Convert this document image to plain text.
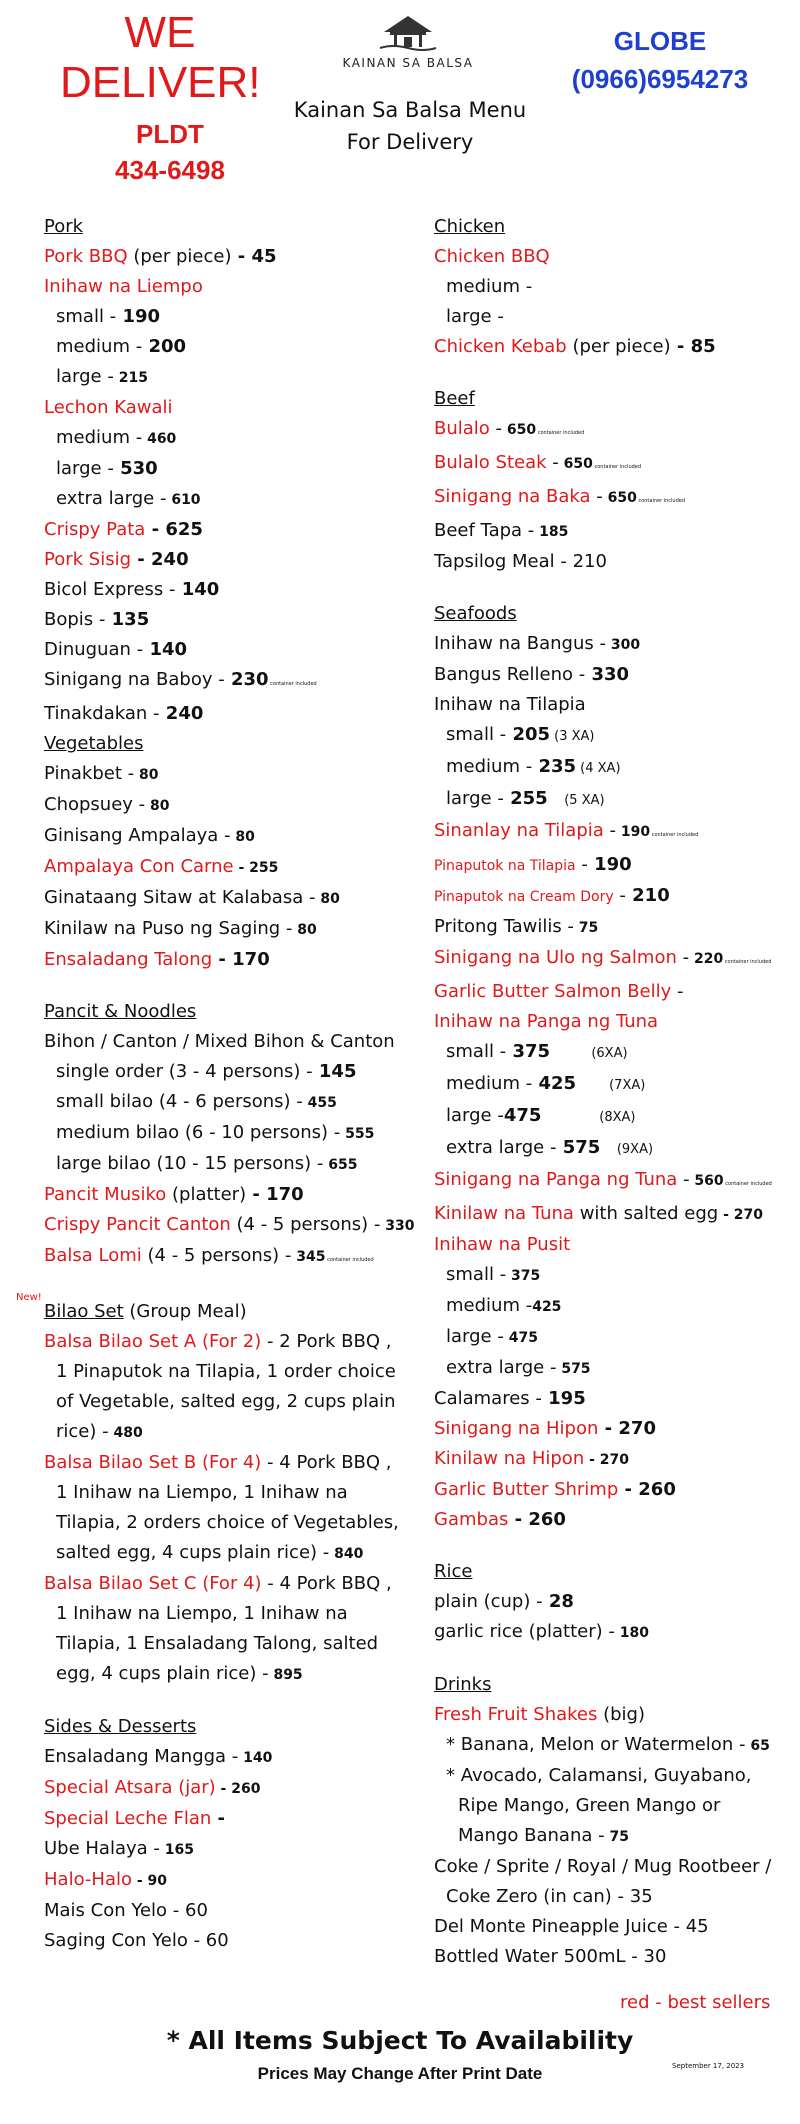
WE
DELIVER!
PLDT
434-6498
KAINAN SA BALSA
Kainan Sa Balsa Menu
For Delivery
GLOBE
(0966)6954273
Pork
Pork BBQ (per piece) - 45
Inihaw na Liempo
small - 190
medium - 200
large - 215
Lechon Kawali
medium - 460
large - 530
extra large - 610
Crispy Pata - 625
Pork Sisig - 240
Bicol Express - 140
Bopis - 135
Dinuguan - 140
Sinigang na Baboy - 230 container included
Tinakdakan - 240
Vegetables
Pinakbet - 80
Chopsuey - 80
Ginisang Ampalaya - 80
Ampalaya Con Carne - 255
Ginataang Sitaw at Kalabasa - 80
Kinilaw na Puso ng Saging - 80
Ensaladang Talong - 170
Pancit & Noodles
Bihon / Canton / Mixed Bihon & Canton
single order (3 - 4 persons) - 145
small bilao (4 - 6 persons) - 455
medium bilao (6 - 10 persons) - 555
large bilao (10 - 15 persons) - 655
Pancit Musiko (platter) - 170
Crispy Pancit Canton (4 - 5 persons) - 330
Balsa Lomi (4 - 5 persons) - 345 container included
Bilao Set (Group Meal)
Balsa Bilao Set A (For 2) - 2 Pork BBQ ,
1 Pinaputok na Tilapia, 1 order choice
of Vegetable, salted egg, 2 cups plain
rice) - 480
Balsa Bilao Set B (For 4) - 4 Pork BBQ ,
1 Inihaw na Liempo, 1 Inihaw na
Tilapia, 2 orders choice of Vegetables,
salted egg, 4 cups plain rice) - 840
Balsa Bilao Set C (For 4) - 4 Pork BBQ ,
1 Inihaw na Liempo, 1 Inihaw na
Tilapia, 1 Ensaladang Talong, salted
egg, 4 cups plain rice) - 895
Sides & Desserts
Ensaladang Mangga - 140
Special Atsara (jar) - 260
Special Leche Flan -
Ube Halaya - 165
Halo-Halo - 90
Mais Con Yelo - 60
Saging Con Yelo - 60
Chicken
Chicken BBQ
medium -
large -
Chicken Kebab (per piece) - 85
Beef
Bulalo - 650 container included
Bulalo Steak - 650 container included
Sinigang na Baka - 650 container included
Beef Tapa - 185
Tapsilog Meal - 210
Seafoods
Inihaw na Bangus - 300
Bangus Relleno - 330
Inihaw na Tilapia
small - 205 (3 XA)
medium - 235 (4 XA)
large - 255    (5 XA)
Sinanlay na Tilapia - 190 container included
Pinaputok na Tilapia - 190
Pinaputok na Cream Dory - 210
Pritong Tawilis - 75
Sinigang na Ulo ng Salmon - 220 container included
Garlic Butter Salmon Belly -
Inihaw na Panga ng Tuna
small - 375          (6XA)
medium - 425        (7XA)
large -475              (8XA)
extra large - 575    (9XA)
Sinigang na Panga ng Tuna - 560 container included
Kinilaw na Tuna with salted egg - 270
Inihaw na Pusit
small - 375
medium -425
large - 475
extra large - 575
Calamares - 195
Sinigang na Hipon - 270
Kinilaw na Hipon - 270
Garlic Butter Shrimp - 260
Gambas - 260
Rice
plain (cup) - 28
garlic rice (platter) - 180
Drinks
Fresh Fruit Shakes (big)
* Banana, Melon or Watermelon - 65
* Avocado, Calamansi, Guyabano,
Ripe Mango, Green Mango or
Mango Banana - 75
Coke / Sprite / Royal / Mug Rootbeer /
Coke Zero (in can) - 35
Del Monte Pineapple Juice - 45
Bottled Water 500mL - 30
New!
red - best sellers
* All Items Subject To Availability
Prices May Change After Print Date	September 17, 2023
